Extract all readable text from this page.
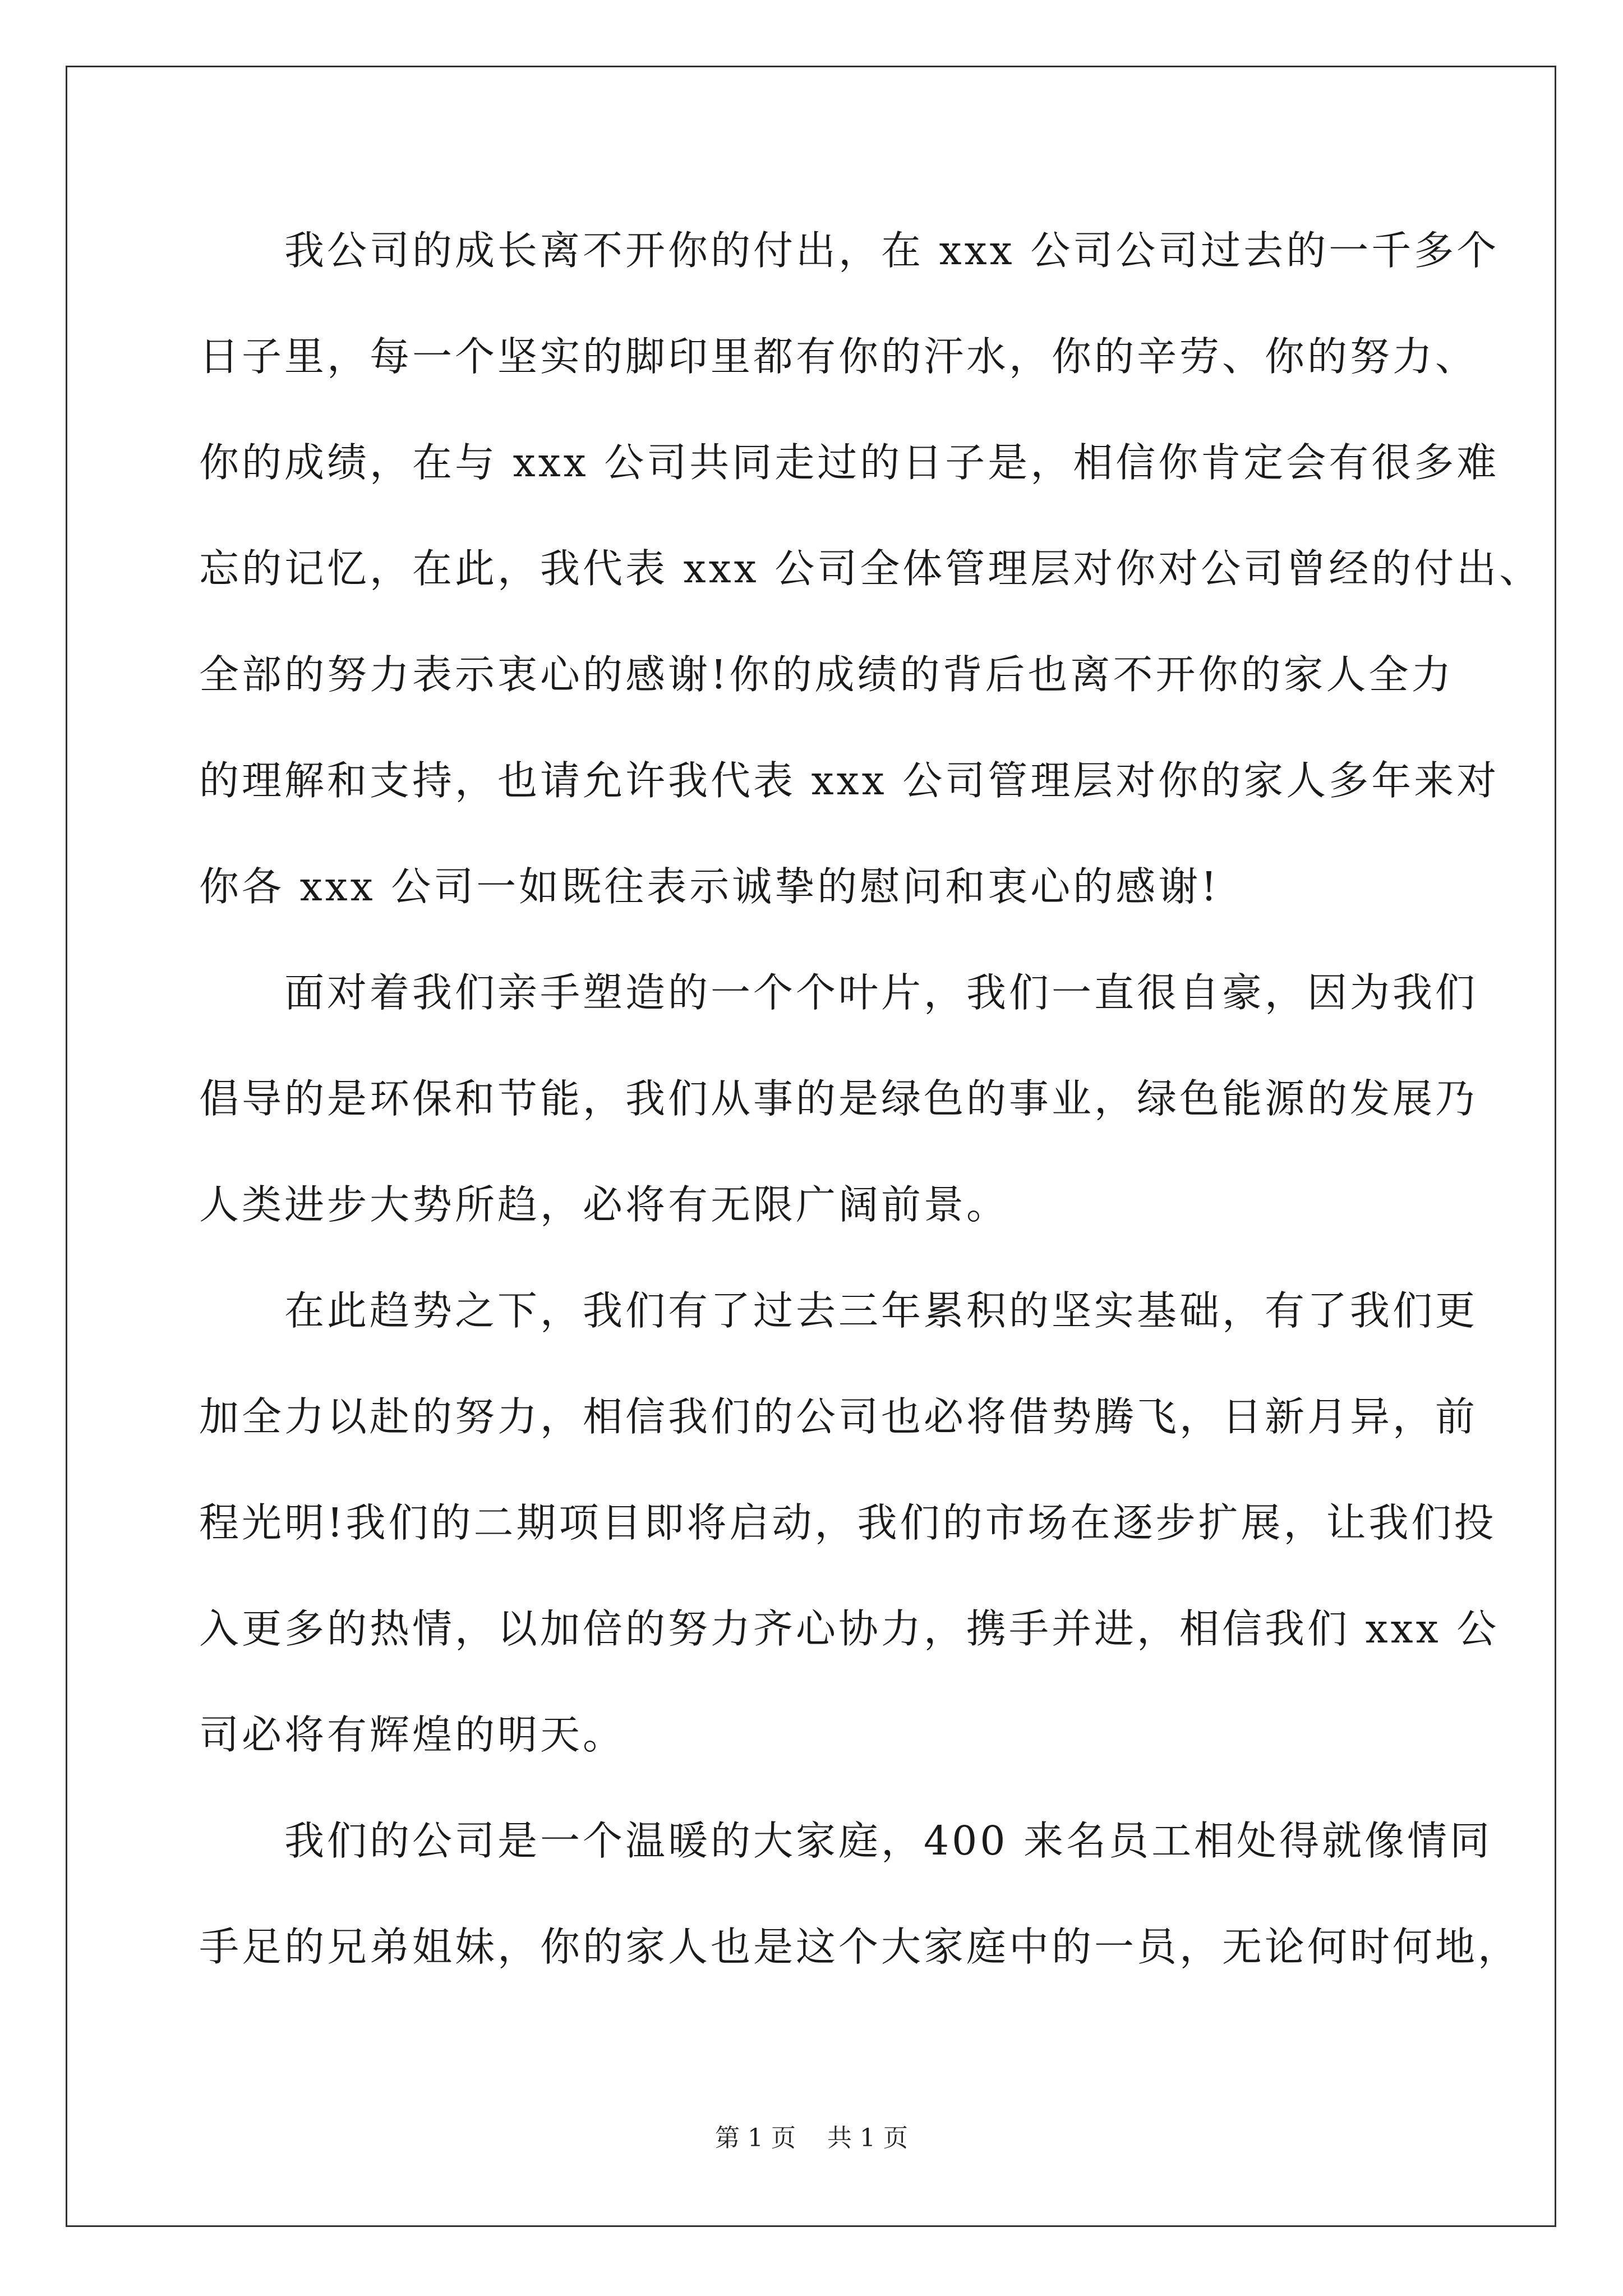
我公司的成长离不开你的付出，在 xxx 公司公司过去的一千多个
日子里，每一个坚实的脚印里都有你的汗水，你的辛劳、你的努力、
你的成绩，在与 xxx 公司共同走过的日子是，相信你肯定会有很多难
忘的记忆，在此，我代表 xxx 公司全体管理层对你对公司曾经的付出、
全部的努力表示衷心的感谢!你的成绩的背后也离不开你的家人全力
的理解和支持，也请允许我代表 xxx 公司管理层对你的家人多年来对
你各 xxx 公司一如既往表示诚挚的慰问和衷心的感谢!
面对着我们亲手塑造的一个个叶片，我们一直很自豪，因为我们
倡导的是环保和节能，我们从事的是绿色的事业，绿色能源的发展乃
人类进步大势所趋，必将有无限广阔前景。
在此趋势之下，我们有了过去三年累积的坚实基础，有了我们更
加全力以赴的努力，相信我们的公司也必将借势腾飞，日新月异，前
程光明!我们的二期项目即将启动，我们的市场在逐步扩展，让我们投
入更多的热情，以加倍的努力齐心协力，携手并进，相信我们 xxx 公
司必将有辉煌的明天。
我们的公司是一个温暖的大家庭，400 来名员工相处得就像情同
手足的兄弟姐妹，你的家人也是这个大家庭中的一员，无论何时何地，
第 1 页 共 1 页
